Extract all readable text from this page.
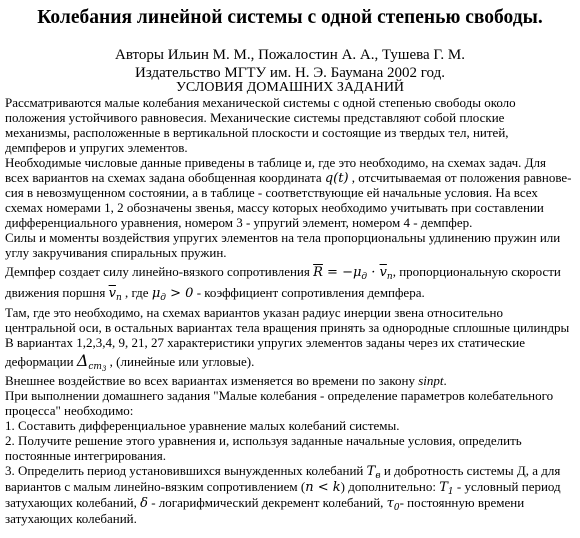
Колебания линейной системы с одной степенью свободы.
Авторы Ильин М. М., Пожалостин А. А., Тушева Г. М.
Издательство МГТУ им. Н. Э. Баумана 2002 год.
УСЛОВИЯ ДОМАШНИХ ЗАДАНИЙ

Рассматриваются малые колебания механической системы с одной степенью свободы около
положения устойчивого равновесия. Механические системы представляют собой плоские
механизмы, расположенные в вертикальной плоскости и состоящие из твердых тел, нитей,
демпферов и упругих элементов.

Необходимые числовые данные приведены в таблице и, где это необходимо, на схемах задач. Для
всех вариантов на схемах задана обобщенная координата q(t) , отсчитываемая от положения равнове-
сия в невозмущенном состоянии, а в таблице - соответствующие ей начальные условия. На всех
схемах номерами 1, 2 обозначены звенья, массу которых необходимо учитывать при составлении
дифференциального уравнения, номером 3 - упругий элемент, номером 4 - демпфер.

Силы и моменты воздействия упругих элементов на тела пропорциональны удлинению пружин или
углу закручивания спиральных пружин.

Демпфер создает силу линейно-вязкого сопротивления $\overline{R} = -\mu_д \cdot \overline{v}_п$, пропорциональную скорости
движения поршня $\overline{v}_п$ , где $\mu_д > 0$ - коэффициент сопротивления демпфера.

Там, где это необходимо, на схемах вариантов указан радиус инерции звена относительно
центральной оси, в остальных вариантах тела вращения принять за однородные сплошные цилиндры
В вариантах 1,2,3,4, 9, 21, 27 характеристики упругих элементов заданы через их статические
деформации $\Delta_{ст3}$ , (линейные или угловые).

Внешнее воздействие во всех вариантах изменяется во времени по закону sinpt.

При выполнении домашнего задания "Малые колебания - определение параметров колебательного
процесса" необходимо:

1. Составить дифференциальное уравнение малых колебаний системы.
2. Получите решение этого уравнения и, используя заданные начальные условия, определить
постоянные интегрирования.
3. Определить период установившихся вынужденных колебаний $T_в$ и добротность системы Д, а для
вариантов с малым линейно-вязким сопротивлением (n < k) дополнительно: $T_1$ - условный период
затухающих колебаний, δ - логарифмический декремент колебаний, $\tau_0-$ постоянную времени
затухающих колебаний.
